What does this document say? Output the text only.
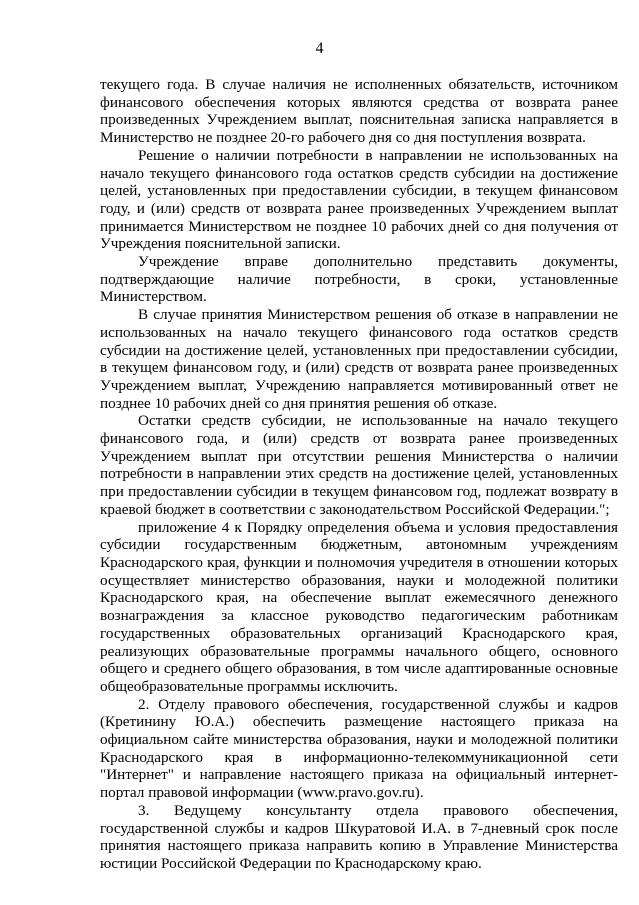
4

текущего года. В случае наличия не исполненных обязательств, источником финансового обеспечения которых являются средства от возврата ранее произведенных Учреждением выплат, пояснительная записка направляется в Министерство не позднее 20-го рабочего дня со дня поступления возврата.

Решение о наличии потребности в направлении не использованных на начало текущего финансового года остатков средств субсидии на достижение целей, установленных при предоставлении субсидии, в текущем финансовом году, и (или) средств от возврата ранее произведенных Учреждением выплат принимается Министерством не позднее 10 рабочих дней со дня получения от Учреждения пояснительной записки.

Учреждение вправе дополнительно представить документы, подтверждающие наличие потребности, в сроки, установленные Министерством.

В случае принятия Министерством решения об отказе в направлении не использованных на начало текущего финансового года остатков средств субсидии на достижение целей, установленных при предоставлении субсидии, в текущем финансовом году, и (или) средств от возврата ранее произведенных Учреждением выплат, Учреждению направляется мотивированный ответ не позднее 10 рабочих дней со дня принятия решения об отказе.

Остатки средств субсидии, не использованные на начало текущего финансового года, и (или) средств от возврата ранее произведенных Учреждением выплат при отсутствии решения Министерства о наличии потребности в направлении этих средств на достижение целей, установленных при предоставлении субсидии в текущем финансовом год, подлежат возврату в краевой бюджет в соответствии с законодательством Российской Федерации.";

приложение 4 к Порядку определения объема и условия предоставления субсидии государственным бюджетным, автономным учреждениям Краснодарского края, функции и полномочия учредителя в отношении которых осуществляет министерство образования, науки и молодежной политики Краснодарского края, на обеспечение выплат ежемесячного денежного вознаграждения за классное руководство педагогическим работникам государственных образовательных организаций Краснодарского края, реализующих образовательные программы начального общего, основного общего и среднего общего образования, в том числе адаптированные основные общеобразовательные программы исключить.

2. Отделу правового обеспечения, государственной службы и кадров (Кретинину Ю.А.) обеспечить размещение настоящего приказа на официальном сайте министерства образования, науки и молодежной политики Краснодарского края в информационно-телекоммуникационной сети "Интернет" и направление настоящего приказа на официальный интернет-портал правовой информации (www.pravo.gov.ru).

3. Ведущему консультанту отдела правового обеспечения, государственной службы и кадров Шкуратовой И.А. в 7-дневный срок после принятия настоящего приказа направить копию в Управление Министерства юстиции Российской Федерации по Краснодарскому краю.
